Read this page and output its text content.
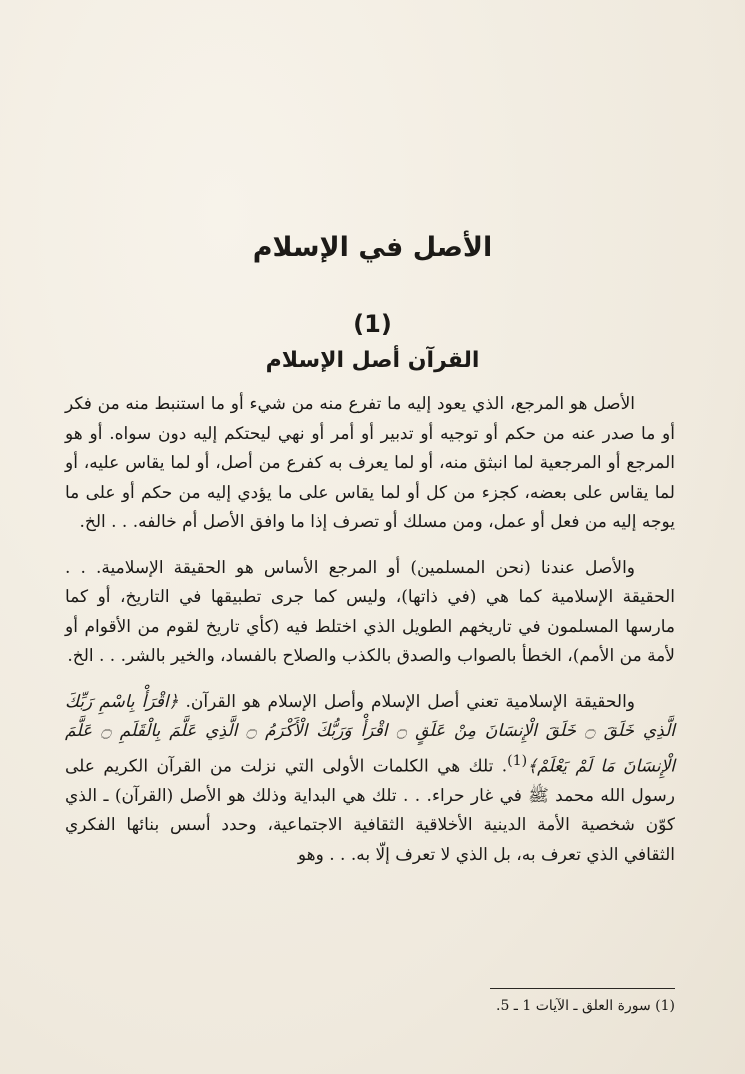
الأصل في الإسلام
(1)
القرآن أصل الإسلام

الأصل هو المرجع، الذي يعود إليه ما تفرع منه من شيء أو ما استنبط منه من فكر أو ما صدر عنه من حكم أو توجيه أو تدبير أو أمر أو نهي ليحتكم إليه دون سواه. أو هو المرجع أو المرجعية لما انبثق منه، أو لما يعرف به كفرع من أصل، أو لما يقاس عليه، أو لما يقاس على بعضه، كجزء من كل أو لما يقاس على ما يؤدي إليه من حكم أو على ما يوجه إليه من فعل أو عمل، ومن مسلك أو تصرف إذا ما وافق الأصل أم خالفه. . . الخ.

والأصل عندنا (نحن المسلمين) أو المرجع الأساس هو الحقيقة الإسلامية. . . الحقيقة الإسلامية كما هي (في ذاتها)، وليس كما جرى تطبيقها في التاريخ، أو كما مارسها المسلمون في تاريخهم الطويل الذي اختلط فيه (كأي تاريخ لقوم من الأقوام أو لأمة من الأمم)، الخطأ بالصواب والصدق بالكذب والصلاح بالفساد، والخير بالشر. . . الخ.

والحقيقة الإسلامية تعني أصل الإسلام وأصل الإسلام هو القرآن. ﴿اقْرَأْ بِاسْمِ رَبِّكَ الَّذِي خَلَقَ ۝ خَلَقَ الْإِنسَانَ مِنْ عَلَقٍ ۝ اقْرَأْ وَرَبُّكَ الْأَكْرَمُ ۝ الَّذِي عَلَّمَ بِالْقَلَمِ ۝ عَلَّمَ الْإِنسَانَ مَا لَمْ يَعْلَمْ﴾$^{(1)}$. تلك هي الكلمات الأولى التي نزلت من القرآن الكريم على رسول الله محمد ﷺ في غار حراء. . . تلك هي البداية وذلك هو الأصل (القرآن) ـ الذي كوّن شخصية الأمة الدينية الأخلاقية الثقافية الاجتماعية، وحدد أسس بنائها الفكري الثقافي الذي تعرف به، بل الذي لا تعرف إلّا به. . . وهو

(1) سورة العلق ـ الآيات 1 ـ 5.
